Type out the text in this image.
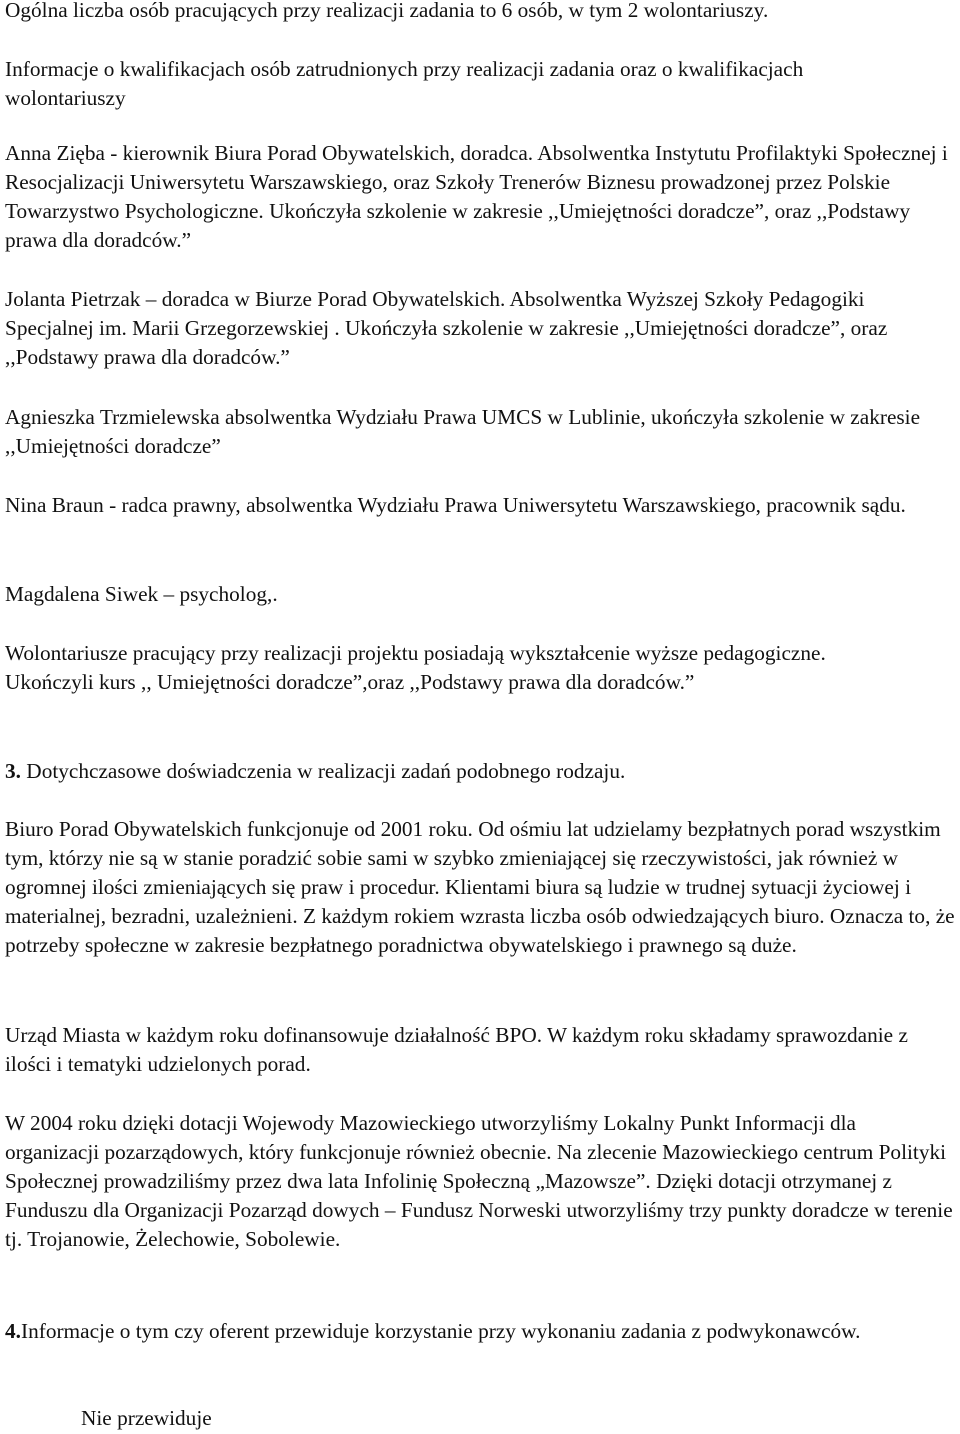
Ogólna liczba osób pracujących przy realizacji zadania to 6 osób, w tym 2 wolontariuszy.

Informacje o kwalifikacjach osób zatrudnionych przy realizacji zadania oraz o kwalifikacjach wolontariuszy

Anna Zięba - kierownik Biura Porad Obywatelskich, doradca. Absolwentka Instytutu Profilaktyki Społecznej i Resocjalizacji Uniwersytetu Warszawskiego, oraz Szkoły Trenerów Biznesu prowadzonej przez Polskie Towarzystwo Psychologiczne. Ukończyła szkolenie w zakresie ,,Umiejętności doradcze”, oraz ,,Podstawy prawa dla doradców.”

Jolanta Pietrzak – doradca w Biurze Porad Obywatelskich. Absolwentka Wyższej Szkoły Pedagogiki Specjalnej im. Marii Grzegorzewskiej . Ukończyła szkolenie w zakresie ,,Umiejętności doradcze”, oraz ,,Podstawy prawa dla doradców.”

Agnieszka Trzmielewska absolwentka Wydziału Prawa UMCS w Lublinie, ukończyła szkolenie w zakresie ,,Umiejętności doradcze”

Nina Braun - radca prawny, absolwentka Wydziału Prawa Uniwersytetu Warszawskiego, pracownik sądu.

Magdalena Siwek – psycholog,.

Wolontariusze pracujący przy realizacji projektu posiadają wykształcenie wyższe pedagogiczne. Ukończyli kurs ,, Umiejętności doradcze”,oraz ,,Podstawy prawa dla doradców.”

3. Dotychczasowe doświadczenia w realizacji zadań podobnego rodzaju.

Biuro Porad Obywatelskich funkcjonuje od 2001 roku. Od ośmiu lat udzielamy bezpłatnych porad wszystkim tym, którzy nie są w stanie poradzić sobie sami w szybko zmieniającej się rzeczywistości, jak również w ogromnej ilości zmieniających się praw i procedur. Klientami biura są ludzie w trudnej sytuacji życiowej i materialnej, bezradni, uzależnieni. Z każdym rokiem wzrasta liczba osób odwiedzających biuro. Oznacza to, że potrzeby społeczne w zakresie bezpłatnego poradnictwa obywatelskiego i prawnego są duże.

Urząd Miasta w każdym roku dofinansowuje działalność BPO. W każdym roku składamy sprawozdanie z ilości i tematyki udzielonych porad.

W 2004 roku dzięki dotacji Wojewody Mazowieckiego utworzyliśmy Lokalny Punkt Informacji dla organizacji pozarządowych, który funkcjonuje również obecnie. Na zlecenie Mazowieckiego centrum Polityki Społecznej prowadziliśmy przez dwa lata Infolinię Społeczną „Mazowsze”. Dzięki dotacji otrzymanej z Funduszu dla Organizacji Pozarząd dowych – Fundusz Norweski utworzyliśmy trzy punkty doradcze w terenie tj. Trojanowie, Żelechowie, Sobolewie.

4.Informacje o tym czy oferent przewiduje korzystanie przy wykonaniu zadania z podwykonawców.

Nie przewiduje
